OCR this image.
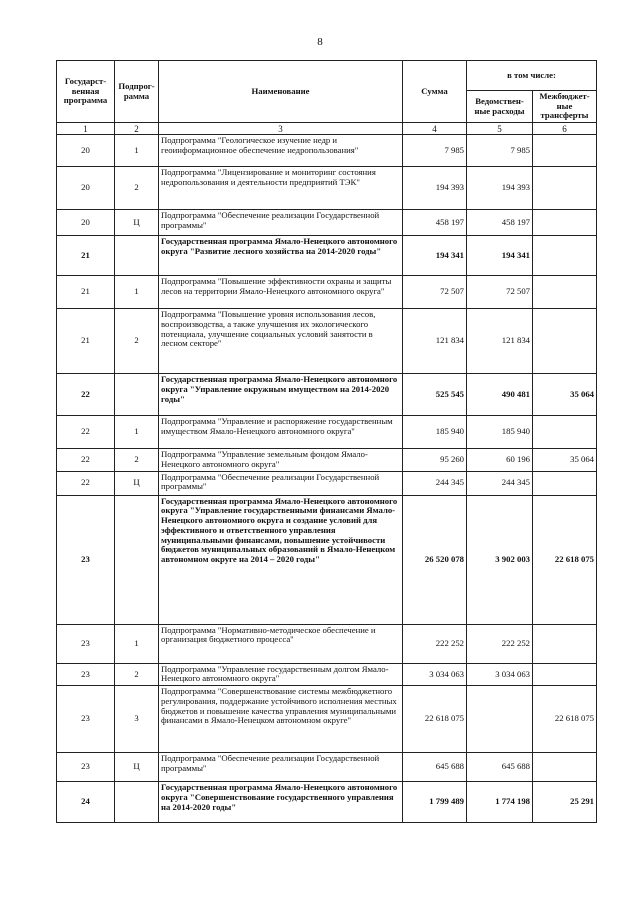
8
Государст-венная программа	Подпрог-рамма	Наименование	Сумма	в том числе:	
				Ведомствен-ные расходы	Межбюджет-ные трансферты
1	2	3	4	5	6
20	1	Подпрограмма "Геологическое изучение недр и геоинформационное обеспечение недропользования"	7 985	7 985	
20	2	Подпрограмма "Лицензирование и мониторинг состояния недропользования и деятельности предприятий ТЭК"	194 393	194 393	
20	Ц	Подпрограмма "Обеспечение реализации Государственной программы"	458 197	458 197	
21		Государственная программа Ямало-Ненецкого автономного округа "Развитие лесного хозяйства на 2014-2020 годы"	194 341	194 341	
21	1	Подпрограмма "Повышение эффективности охраны и защиты лесов на территории Ямало-Ненецкого автономного округа"	72 507	72 507	
21	2	Подпрограмма "Повышение уровня использования лесов, воспроизводства, а также улучшения их экологического потенциала, улучшение социальных условий занятости в лесном секторе"	121 834	121 834	
22		Государственная программа Ямало-Ненецкого автономного округа "Управление окружным имуществом на 2014-2020 годы"	525 545	490 481	35 064
22	1	Подпрограмма "Управление и распоряжение государственным имуществом Ямало-Ненецкого автономного округа"	185 940	185 940	
22	2	Подпрограмма "Управление земельным фондом Ямало-Ненецкого автономного округа"	95 260	60 196	35 064
22	Ц	Подпрограмма "Обеспечение реализации Государственной программы"	244 345	244 345	
23		Государственная программа Ямало-Ненецкого автономного округа "Управление государственными финансами Ямало-Ненецкого автономного округа и создание условий для эффективного и ответственного управления муниципальными финансами, повышение устойчивости бюджетов муниципальных образований в Ямало-Ненецком автономном округе на 2014 – 2020 годы"	26 520 078	3 902 003	22 618 075
23	1	Подпрограмма "Нормативно-методическое обеспечение и организация бюджетного процесса"	222 252	222 252	
23	2	Подпрограмма "Управление государственным долгом Ямало-Ненецкого автономного округа"	3 034 063	3 034 063	
23	3	Подпрограмма "Совершенствование системы межбюджетного регулирования, поддержание устойчивого исполнения местных бюджетов и повышение качества управления муниципальными финансами в Ямало-Ненецком автономном округе"	22 618 075		22 618 075
23	Ц	Подпрограмма "Обеспечение реализации Государственной программы"	645 688	645 688	
24		Государственная программа Ямало-Ненецкого автономного округа "Совершенствование государственного управления на 2014-2020 годы"	1 799 489	1 774 198	25 291
